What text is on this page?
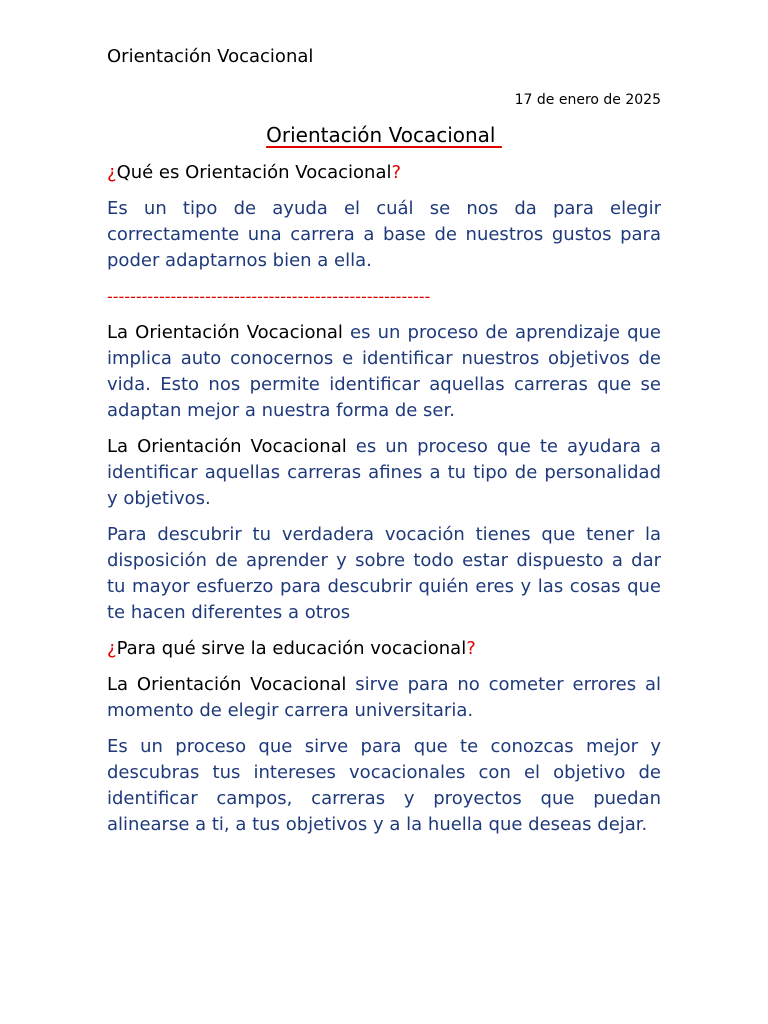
Orientación Vocacional
17 de enero de 2025
Orientación Vocacional

¿Qué es Orientación Vocacional?

Es un tipo de ayuda el cuál se nos da para elegir correctamente una carrera a base de nuestros gustos para poder adaptarnos bien a ella.

--------------------------------------------------------

La Orientación Vocacional es un proceso de aprendizaje que implica auto conocernos e identificar nuestros objetivos de vida. Esto nos permite identificar aquellas carreras que se adaptan mejor a nuestra forma de ser.

La Orientación Vocacional es un proceso que te ayudara a identificar aquellas carreras afines a tu tipo de personalidad y objetivos.

Para descubrir tu verdadera vocación tienes que tener la disposición de aprender y sobre todo estar dispuesto a dar tu mayor esfuerzo para descubrir quién eres y las cosas que te hacen diferentes a otros

¿Para qué sirve la educación vocacional?

La Orientación Vocacional sirve para no cometer errores al momento de elegir carrera universitaria.

Es un proceso que sirve para que te conozcas mejor y descubras tus intereses vocacionales con el objetivo de identificar campos, carreras y proyectos que puedan alinearse a ti, a tus objetivos y a la huella que deseas dejar.
